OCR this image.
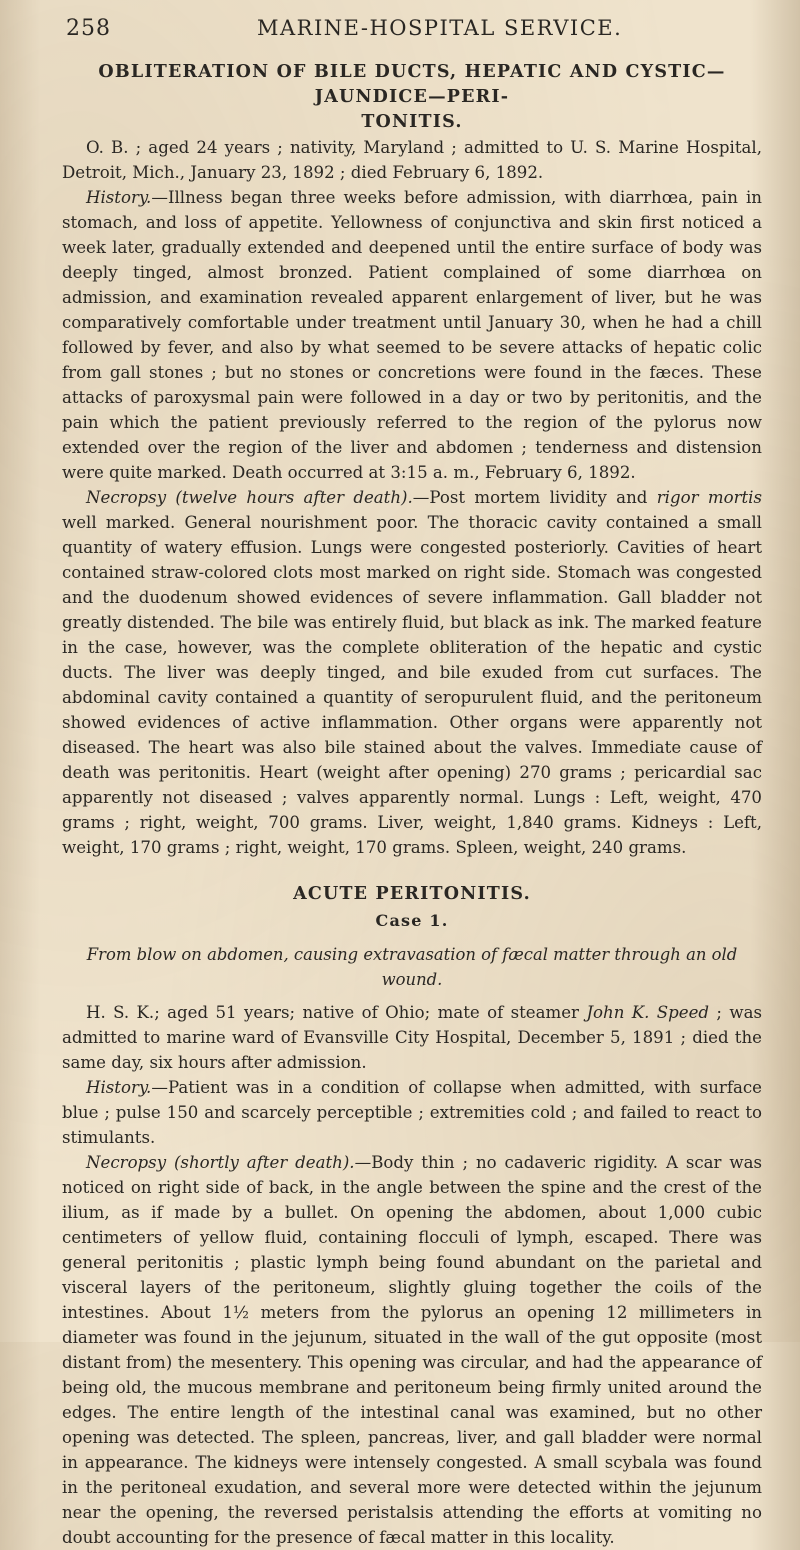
258	MARINE-HOSPITAL SERVICE.
OBLITERATION OF BILE DUCTS, HEPATIC AND CYSTIC—JAUNDICE—PERI-
TONITIS.

O. B. ; aged 24 years ; nativity, Maryland ; admitted to U. S. Marine Hospital, Detroit, Mich., January 23, 1892 ; died February 6, 1892.

History.—Illness began three weeks before admission, with diarrhœa, pain in stomach, and loss of appetite. Yellowness of conjunctiva and skin first noticed a week later, gradually extended and deepened until the entire surface of body was deeply tinged, almost bronzed. Patient complained of some diarrhœa on admission, and examination revealed apparent enlargement of liver, but he was comparatively comfortable under treatment until January 30, when he had a chill followed by fever, and also by what seemed to be severe attacks of hepatic colic from gall stones ; but no stones or concretions were found in the fæces. These attacks of paroxysmal pain were followed in a day or two by peritonitis, and the pain which the patient previously referred to the region of the pylorus now extended over the region of the liver and abdomen ; tenderness and distension were quite marked. Death occurred at 3:15 a. m., February 6, 1892.

Necropsy (twelve hours after death).—Post mortem lividity and rigor mortis well marked. General nourishment poor. The thoracic cavity contained a small quantity of watery effusion. Lungs were congested posteriorly. Cavities of heart contained straw-colored clots most marked on right side. Stomach was congested and the duodenum showed evidences of severe inflammation. Gall bladder not greatly distended. The bile was entirely fluid, but black as ink. The marked feature in the case, however, was the complete obliteration of the hepatic and cystic ducts. The liver was deeply tinged, and bile exuded from cut surfaces. The abdominal cavity contained a quantity of seropurulent fluid, and the peritoneum showed evidences of active inflammation. Other organs were apparently not diseased. The heart was also bile stained about the valves. Immediate cause of death was peritonitis. Heart (weight after opening) 270 grams ; pericardial sac apparently not diseased ; valves apparently normal. Lungs : Left, weight, 470 grams ; right, weight, 700 grams. Liver, weight, 1,840 grams. Kidneys : Left, weight, 170 grams ; right, weight, 170 grams. Spleen, weight, 240 grams.

ACUTE PERITONITIS.
Case 1.
From blow on abdomen, causing extravasation of fæcal matter through an old wound.

H. S. K.; aged 51 years; native of Ohio; mate of steamer John K. Speed ; was admitted to marine ward of Evansville City Hospital, December 5, 1891 ; died the same day, six hours after admission.

History.—Patient was in a condition of collapse when admitted, with surface blue ; pulse 150 and scarcely perceptible ; extremities cold ; and failed to react to stimulants.

Necropsy (shortly after death).—Body thin ; no cadaveric rigidity. A scar was noticed on right side of back, in the angle between the spine and the crest of the ilium, as if made by a bullet. On opening the abdomen, about 1,000 cubic centimeters of yellow fluid, containing flocculi of lymph, escaped. There was general peritonitis ; plastic lymph being found abundant on the parietal and visceral layers of the peritoneum, slightly gluing together the coils of the intestines. About 1½ meters from the pylorus an opening 12 millimeters in diameter was found in the jejunum, situated in the wall of the gut opposite (most distant from) the mesentery. This opening was circular, and had the appearance of being old, the mucous membrane and peritoneum being firmly united around the edges. The entire length of the intestinal canal was examined, but no other opening was detected. The spleen, pancreas, liver, and gall bladder were normal in appearance. The kidneys were intensely congested. A small scybala was found in the peritoneal exudation, and several more were detected within the jejunum near the opening, the reversed peristalsis attending the efforts at vomiting no doubt accounting for the presence of fæcal matter in this locality.
